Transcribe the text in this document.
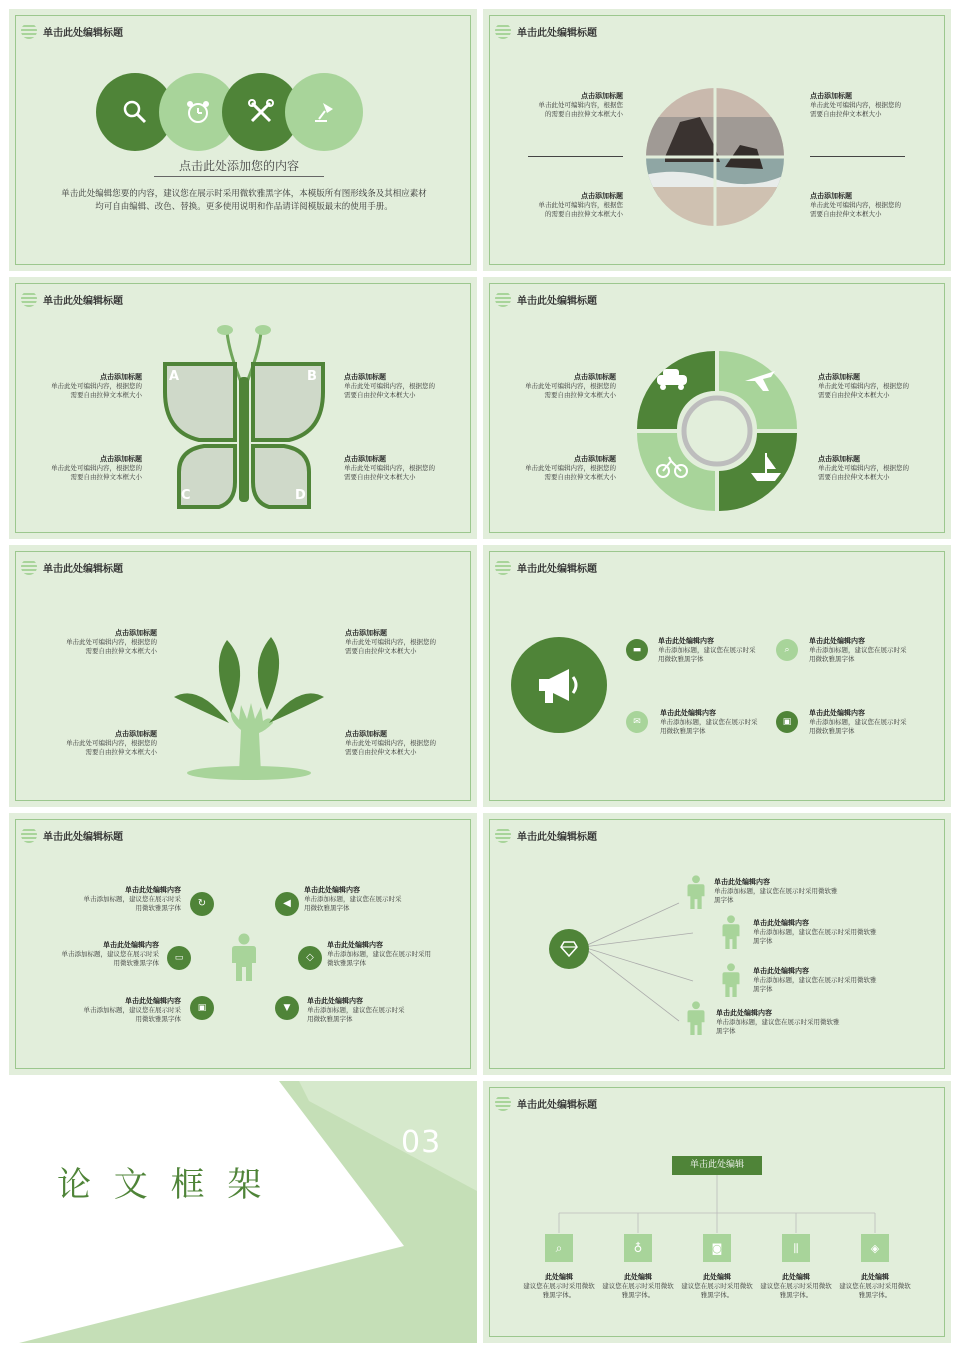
单击此处编辑标题
点击此处添加您的内容
单击此处编辑您要的内容，建议您在展示时采用微软雅黑字体，本模版所有图形线条及其相应素材均可自由编辑、改色、替换。更多使用说明和作品请详阅模版最末的使用手册。
单击此处编辑标题
点击添加标题
单击此处可编辑内容，根据您的需要自由拉伸文本框大小
点击添加标题
单击此处可编辑内容，根据您的需要自由拉伸文本框大小
点击添加标题
单击此处可编辑内容，根据您的需要自由拉伸文本框大小
点击添加标题
单击此处可编辑内容，根据您的需要自由拉伸文本框大小
单击此处编辑标题
A	B
C	D
点击添加标题
单击此处可编辑内容，根据您的需要自由拉伸文本框大小
点击添加标题
单击此处可编辑内容，根据您的需要自由拉伸文本框大小
点击添加标题
单击此处可编辑内容，根据您的需要自由拉伸文本框大小
点击添加标题
单击此处可编辑内容，根据您的需要自由拉伸文本框大小
单击此处编辑标题
点击添加标题
单击此处可编辑内容，根据您的需要自由拉伸文本框大小
点击添加标题
单击此处可编辑内容，根据您的需要自由拉伸文本框大小
点击添加标题
单击此处可编辑内容，根据您的需要自由拉伸文本框大小
点击添加标题
单击此处可编辑内容，根据您的需要自由拉伸文本框大小
单击此处编辑标题
点击添加标题
单击此处可编辑内容，根据您的需要自由拉伸文本框大小
点击添加标题
单击此处可编辑内容，根据您的需要自由拉伸文本框大小
点击添加标题
单击此处可编辑内容，根据您的需要自由拉伸文本框大小
点击添加标题
单击此处可编辑内容，根据您的需要自由拉伸文本框大小
单击此处编辑标题
▬
单击此处编辑内容
单击添加标题，建议您在展示时采用微软雅黑字体
⌕
单击此处编辑内容
单击添加标题，建议您在展示时采用微软雅黑字体
✉
单击此处编辑内容
单击添加标题，建议您在展示时采用微软雅黑字体
▣
单击此处编辑内容
单击添加标题，建议您在展示时采用微软雅黑字体
单击此处编辑标题
单击此处编辑内容
单击添加标题，建议您在展示时采用微软雅黑字体 ↻	◀
单击此处编辑内容
单击添加标题，建议您在展示时采用微软雅黑字体
单击此处编辑内容
单击添加标题，建议您在展示时采用微软雅黑字体
▭	◇
单击此处编辑内容
单击添加标题，建议您在展示时采用微软雅黑字体
单击此处编辑内容
单击添加标题，建议您在展示时采用微软雅黑字体
▣	▼
单击此处编辑内容
单击添加标题，建议您在展示时采用微软雅黑字体
单击此处编辑标题
单击此处编辑内容
单击添加标题，建议您在展示时采用微软雅黑字体
单击此处编辑内容
单击添加标题，建议您在展示时采用微软雅黑字体
单击此处编辑内容
单击添加标题，建议您在展示时采用微软雅黑字体
单击此处编辑内容
单击添加标题，建议您在展示时采用微软雅黑字体
03
论 文 框 架
单击此处编辑标题
单击此处编辑
⌕	♁	◙	⫼	◈
此处编辑
建议您在展示时采用微软雅黑字体。
此处编辑
建议您在展示时采用微软雅黑字体。
此处编辑
建议您在展示时采用微软雅黑字体。
此处编辑
建议您在展示时采用微软雅黑字体。
此处编辑
建议您在展示时采用微软雅黑字体。
